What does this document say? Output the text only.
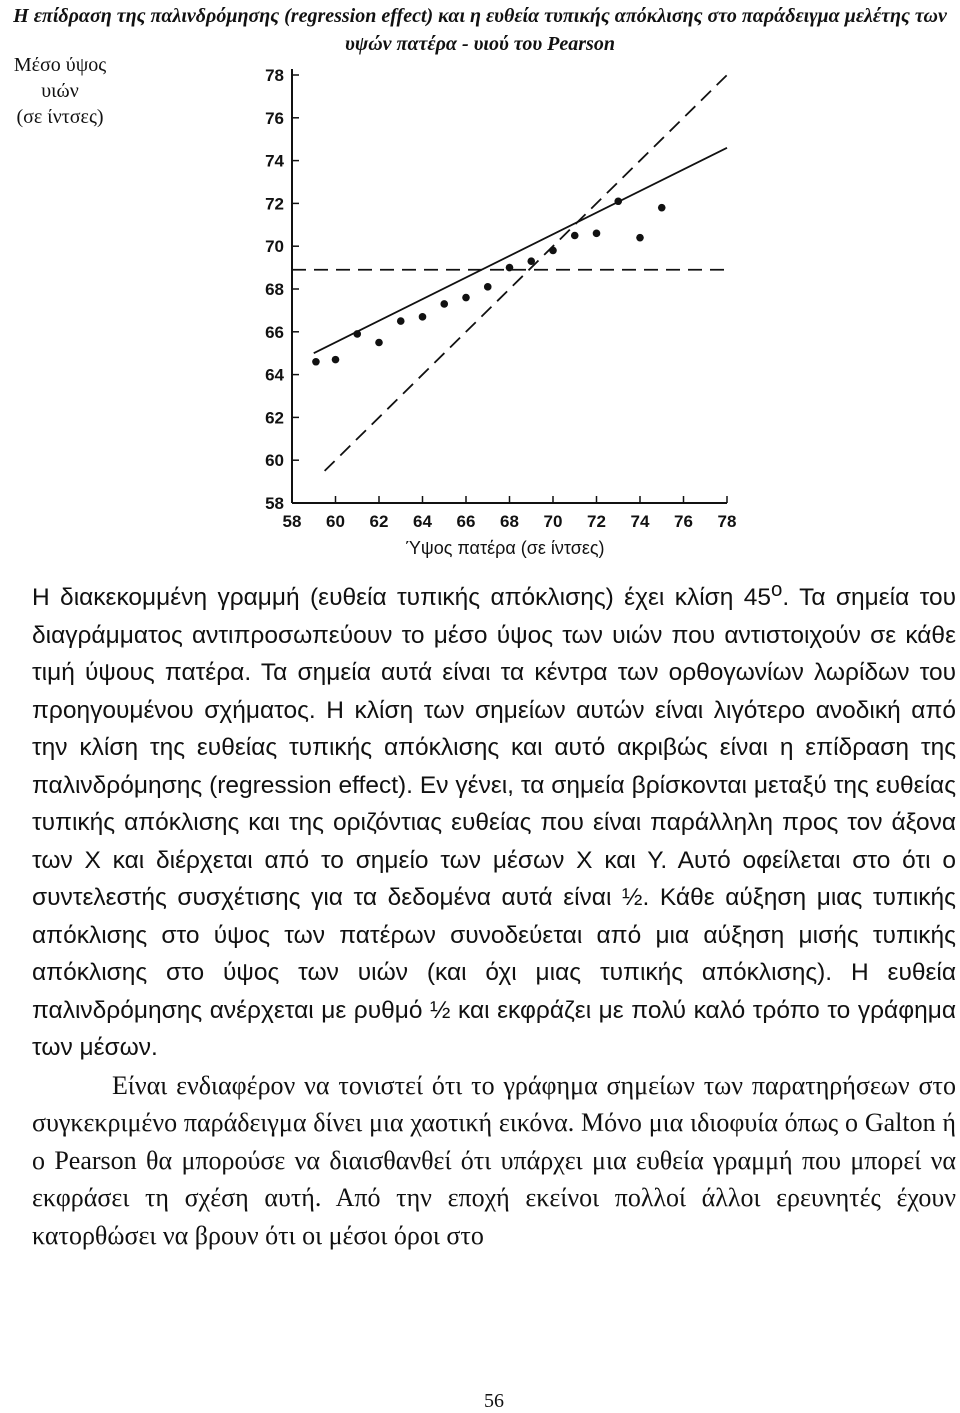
Η επίδραση της παλινδρόμησης (regression effect) και η ευθεία τυπικής απόκλισης στο παράδειγμα μελέτης των υψών πατέρα - υιού του Pearson
Μέσο ύψος
υιών
(σε ίντσες)
58 60 62 64 66 68 70 72 74 76 78
58
60
62
64
66
68
70
72
74
76
78
Ύψος πατέρα (σε ίντσες)

Η διακεκομμένη γραμμή (ευθεία τυπικής απόκλισης) έχει κλίση $45^o$. Τα σημεία του διαγράμματος αντιπροσωπεύουν το μέσο ύψος των υιών που αντιστοιχούν σε κάθε τιμή ύψους πατέρα. Τα σημεία αυτά είναι τα κέντρα των ορθογωνίων λωρίδων του προηγουμένου σχήματος. Η κλίση των σημείων αυτών είναι λιγότερο ανοδική από την κλίση της ευθείας τυπικής απόκλισης και αυτό ακριβώς είναι η επίδραση της παλινδρόμησης (regression effect). Εν γένει, τα σημεία βρίσκονται μεταξύ της ευθείας τυπικής απόκλισης και της οριζόντιας ευθείας που είναι παράλληλη προς τον άξονα των Χ και διέρχεται από το σημείο των μέσων Χ και Υ. Αυτό οφείλεται στο ότι ο συντελεστής συσχέτισης για τα δεδομένα αυτά είναι ½. Κάθε αύξηση μιας τυπικής απόκλισης στο ύψος των πατέρων συνοδεύεται από μια αύξηση μισής τυπικής απόκλισης στο ύψος των υιών (και όχι μιας τυπικής απόκλισης). Η ευθεία παλινδρόμησης ανέρχεται με ρυθμό ½ και εκφράζει με πολύ καλό τρόπο το γράφημα των μέσων.

Είναι ενδιαφέρον να τονιστεί ότι το γράφημα σημείων των παρατηρήσεων στο συγκεκριμένο παράδειγμα δίνει μια χαοτική εικόνα. Μόνο μια ιδιοφυία όπως ο Galton ή ο Pearson θα μπορούσε να διαισθανθεί ότι υπάρχει μια ευθεία γραμμή που μπορεί να εκφράσει τη σχέση αυτή. Από την εποχή εκείνοι πολλοί άλλοι ερευνητές έχουν κατορθώσει να βρουν ότι οι μέσοι όροι στο

56
